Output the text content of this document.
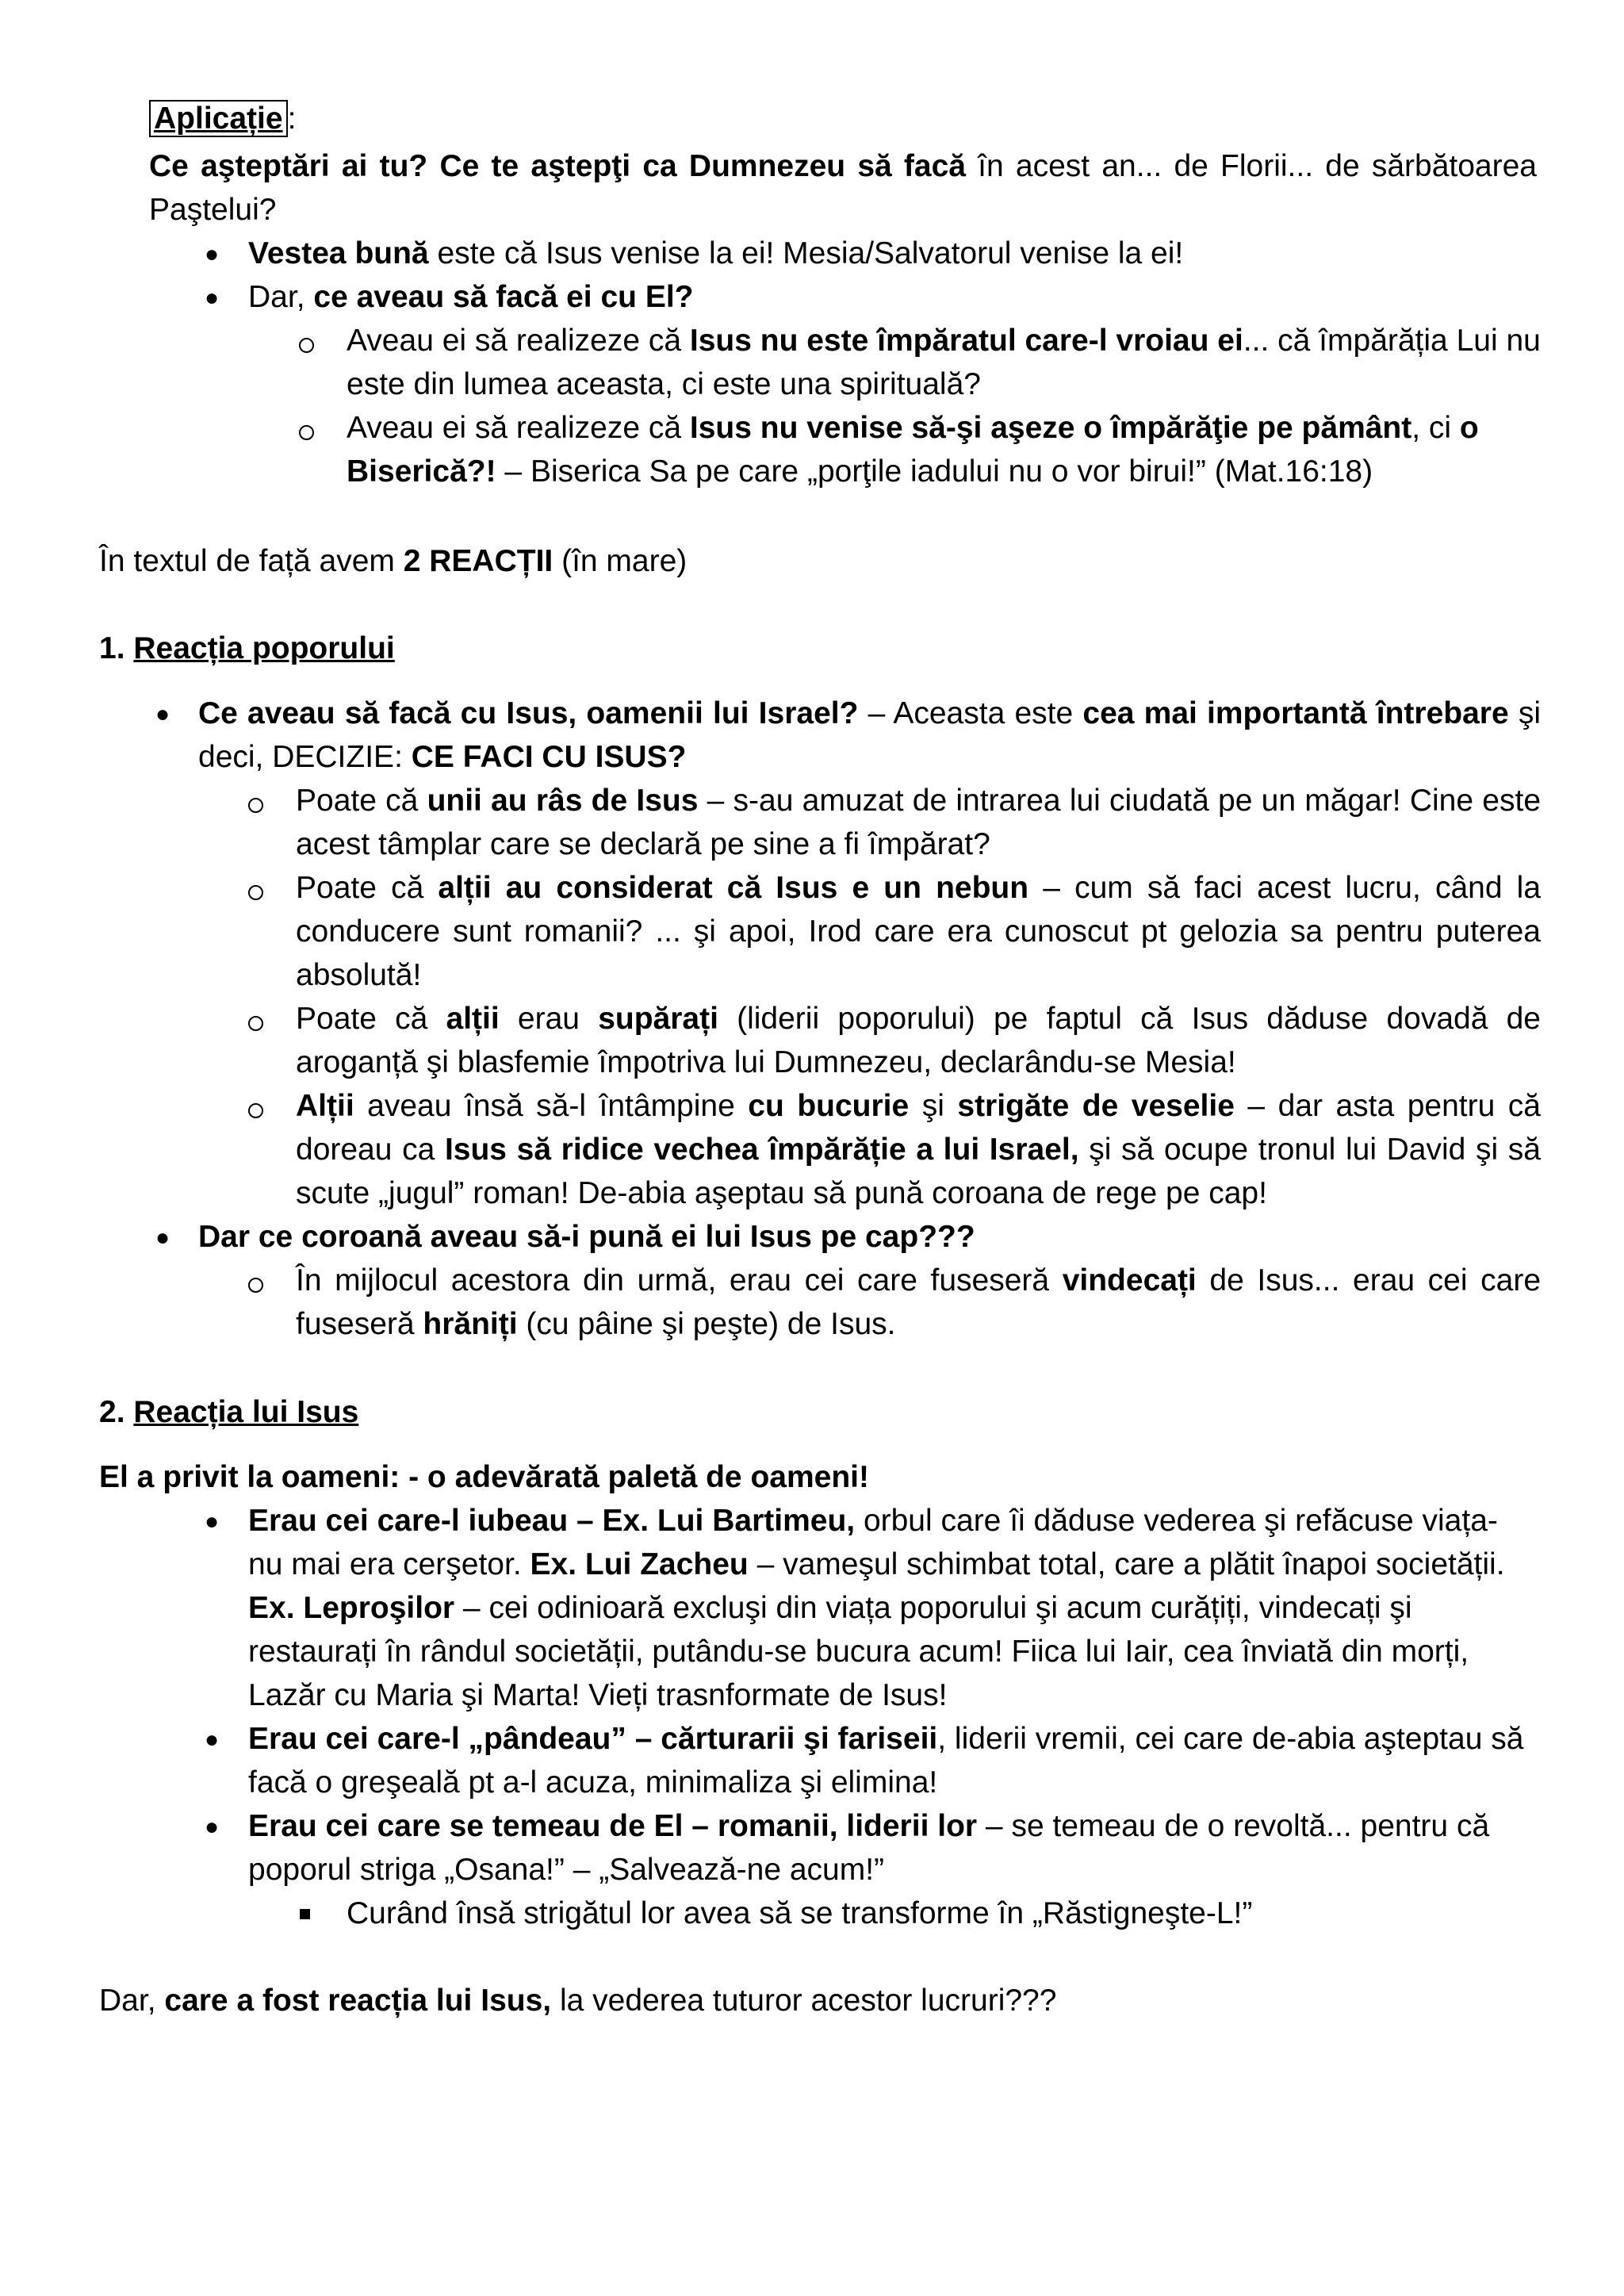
Aplicație :

Ce aşteptări ai tu? Ce te aştepţi ca Dumnezeu să facă în acest an... de Florii... de sărbătoarea Paştelui?

● Vestea bună este că Isus venise la ei! Mesia/Salvatorul venise la ei!

● Dar, ce aveau să facă ei cu El?

Aveau ei să realizeze că Isus nu este împăratul care-l vroiau ei... că împărăția Lui nu este din lumea aceasta, ci este una spirituală?

Aveau ei să realizeze că Isus nu venise să-şi aşeze o împărăţie pe pământ, ci o Biserică?! – Biserica Sa pe care „porţile iadului nu o vor birui!” (Mat.16:18)

În textul de față avem 2 REACȚII (în mare)

1. Reacția poporului

● Ce aveau să facă cu Isus, oamenii lui Israel? – Aceasta este cea mai importantă întrebare şi deci, DECIZIE: CE FACI CU ISUS?

Poate că unii au râs de Isus – s-au amuzat de intrarea lui ciudată pe un măgar! Cine este acest tâmplar care se declară pe sine a fi împărat?

Poate că alții au considerat că Isus e un nebun – cum să faci acest lucru, când la conducere sunt romanii? ... şi apoi, Irod care era cunoscut pt gelozia sa pentru puterea absolută!

Poate că alții erau supărați (liderii poporului) pe faptul că Isus dăduse dovadă de aroganță şi blasfemie împotriva lui Dumnezeu, declarându-se Mesia!

Alții aveau însă să-l întâmpine cu bucurie şi strigăte de veselie – dar asta pentru că doreau ca Isus să ridice vechea împărăție a lui Israel, şi să ocupe tronul lui David şi să scute „jugul” roman! De-abia aşeptau să pună coroana de rege pe cap!

● Dar ce coroană aveau să-i pună ei lui Isus pe cap???

În mijlocul acestora din urmă, erau cei care fuseseră vindecați de Isus... erau cei care fuseseră hrăniți (cu pâine şi peşte) de Isus.

2. Reacția lui Isus

El a privit la oameni: - o adevărată paletă de oameni!

● Erau cei care-l iubeau – Ex. Lui Bartimeu, orbul care îi dăduse vederea şi refăcuse viața- nu mai era cerşetor. Ex. Lui Zacheu – vameşul schimbat total, care a plătit înapoi societății. Ex. Leproşilor – cei odinioară excluşi din viața poporului şi acum curățiți, vindecați şi restaurați în rândul societății, putându-se bucura acum! Fiica lui Iair, cea înviată din morți, Lazăr cu Maria şi Marta! Vieți trasnformate de Isus!

● Erau cei care-l „pândeau” – cărturarii şi fariseii, liderii vremii, cei care de-abia aşteptau să facă o greşeală pt a-l acuza, minimaliza şi elimina!

● Erau cei care se temeau de El – romanii, liderii lor – se temeau de o revoltă... pentru că poporul striga „Osana!” – „Salvează-ne acum!”

Curând însă strigătul lor avea să se transforme în „Răstigneşte-L!”

Dar, care a fost reacția lui Isus, la vederea tuturor acestor lucruri???
